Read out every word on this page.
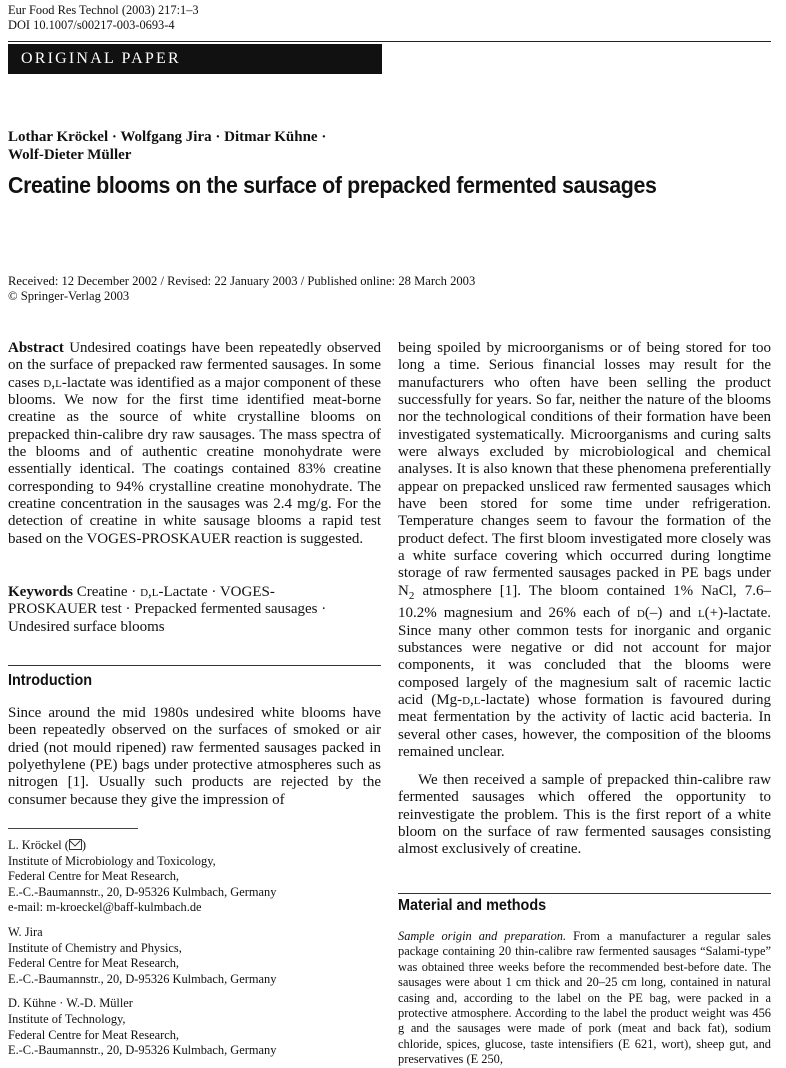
Eur Food Res Technol (2003) 217:1–3
DOI 10.1007/s00217-003-0693-4
ORIGINAL PAPER
Lothar Kröckel · Wolfgang Jira · Ditmar Kühne ·
Wolf-Dieter Müller
Creatine blooms on the surface of prepacked fermented sausages
Received: 12 December 2002 / Revised: 22 January 2003 / Published online: 28 March 2003
© Springer-Verlag 2003
Abstract Undesired coatings have been repeatedly observed on the surface of prepacked raw fermented sausages. In some cases d,l-lactate was identified as a major component of these blooms. We now for the first time identified meat-borne creatine as the source of white crystalline blooms on prepacked thin-calibre dry raw sausages. The mass spectra of the blooms and of authentic creatine monohydrate were essentially identical. The coatings contained 83% creatine corresponding to 94% crystalline creatine monohydrate. The creatine concentration in the sausages was 2.4 mg/g. For the detection of creatine in white sausage blooms a rapid test based on the VOGES-PROSKAUER reaction is suggested.
Keywords Creatine · d,l-Lactate · VOGES-PROSKAUER test · Prepacked fermented sausages · Undesired surface blooms
Introduction
Since around the mid 1980s undesired white blooms have been repeatedly observed on the surfaces of smoked or air dried (not mould ripened) raw fermented sausages packed in polyethylene (PE) bags under protective atmospheres such as nitrogen [1]. Usually such products are rejected by the consumer because they give the impression of
being spoiled by microorganisms or of being stored for too long a time. Serious financial losses may result for the manufacturers who often have been selling the product successfully for years. So far, neither the nature of the blooms nor the technological conditions of their formation have been investigated systematically. Microorganisms and curing salts were always excluded by microbiological and chemical analyses. It is also known that these phenomena preferentially appear on prepacked unsliced raw fermented sausages which have been stored for some time under refrigeration. Temperature changes seem to favour the formation of the product defect. The first bloom investigated more closely was a white surface covering which occurred during longtime storage of raw fermented sausages packed in PE bags under $N_2$ atmosphere [1]. The bloom contained 1% NaCl, 7.6–10.2% magnesium and 26% each of d(–) and l(+)-lactate. Since many other common tests for inorganic and organic substances were negative or did not account for major components, it was concluded that the blooms were composed largely of the magnesium salt of racemic lactic acid (Mg-d,l-lactate) whose formation is favoured during meat fermentation by the activity of lactic acid bacteria. In several other cases, however, the composition of the blooms remained unclear.
We then received a sample of prepacked thin-calibre raw fermented sausages which offered the opportunity to reinvestigate the problem. This is the first report of a white bloom on the surface of raw fermented sausages consisting almost exclusively of creatine.
L. Kröckel ( )
Institute of Microbiology and Toxicology,
Federal Centre for Meat Research,
E.-C.-Baumannstr., 20, D-95326 Kulmbach, Germany
e-mail: m-kroeckel@baff-kulmbach.de
W. Jira
Institute of Chemistry and Physics,
Federal Centre for Meat Research,
E.-C.-Baumannstr., 20, D-95326 Kulmbach, Germany
D. Kühne · W.-D. Müller
Institute of Technology,
Federal Centre for Meat Research,
E.-C.-Baumannstr., 20, D-95326 Kulmbach, Germany
Material and methods
Sample origin and preparation. From a manufacturer a regular sales package containing 20 thin-calibre raw fermented sausages “Salami-type” was obtained three weeks before the recommended best-before date. The sausages were about 1 cm thick and 20–25 cm long, contained in natural casing and, according to the label on the PE bag, were packed in a protective atmosphere. According to the label the product weight was 456 g and the sausages were made of pork (meat and back fat), sodium chloride, spices, glucose, taste intensifiers (E 621, wort), sheep gut, and preservatives (E 250,
